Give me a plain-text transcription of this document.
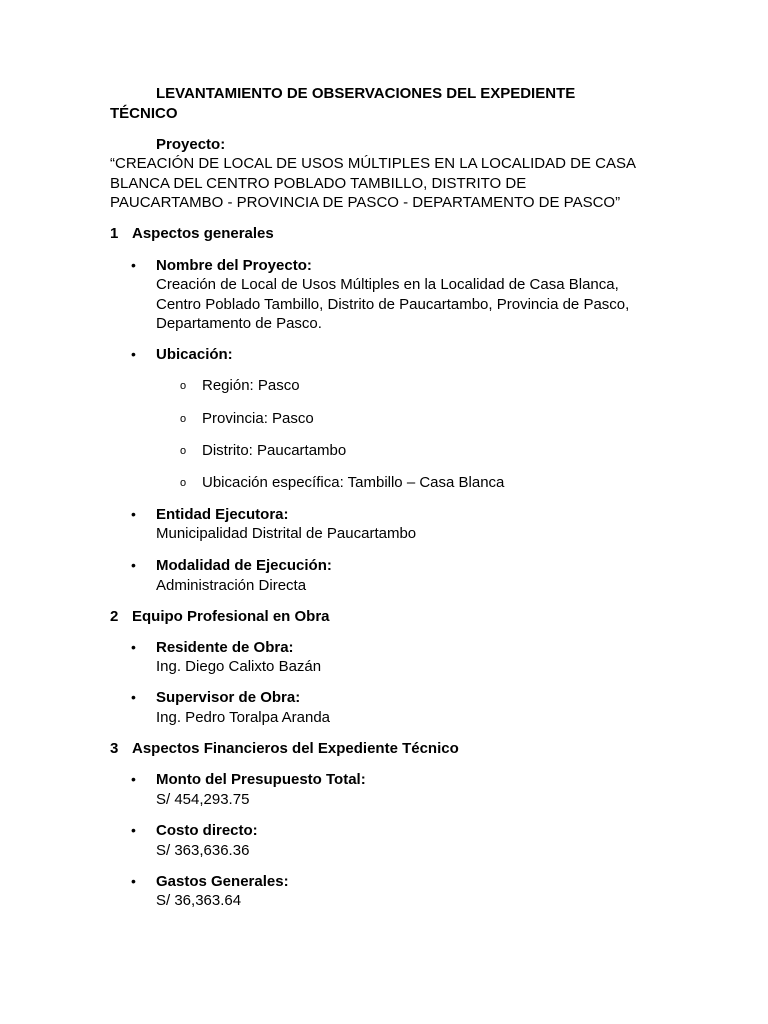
LEVANTAMIENTO DE OBSERVACIONES DEL EXPEDIENTE
TÉCNICO
Proyecto:
“CREACIÓN DE LOCAL DE USOS MÚLTIPLES EN LA LOCALIDAD DE CASA
BLANCA DEL CENTRO POBLADO TAMBILLO, DISTRITO DE
PAUCARTAMBO - PROVINCIA DE PASCO - DEPARTAMENTO DE PASCO”
1 Aspectos generales
• Nombre del Proyecto:
Creación de Local de Usos Múltiples en la Localidad de Casa Blanca,
Centro Poblado Tambillo, Distrito de Paucartambo, Provincia de Pasco,
Departamento de Pasco.
• Ubicación:
o Región: Pasco
o Provincia: Pasco
o Distrito: Paucartambo
o Ubicación específica: Tambillo – Casa Blanca
• Entidad Ejecutora:
Municipalidad Distrital de Paucartambo
• Modalidad de Ejecución:
Administración Directa
2 Equipo Profesional en Obra
• Residente de Obra:
Ing. Diego Calixto Bazán
• Supervisor de Obra:
Ing. Pedro Toralpa Aranda
3 Aspectos Financieros del Expediente Técnico
• Monto del Presupuesto Total:
S/ 454,293.75
• Costo directo:
S/ 363,636.36
• Gastos Generales:
S/ 36,363.64
